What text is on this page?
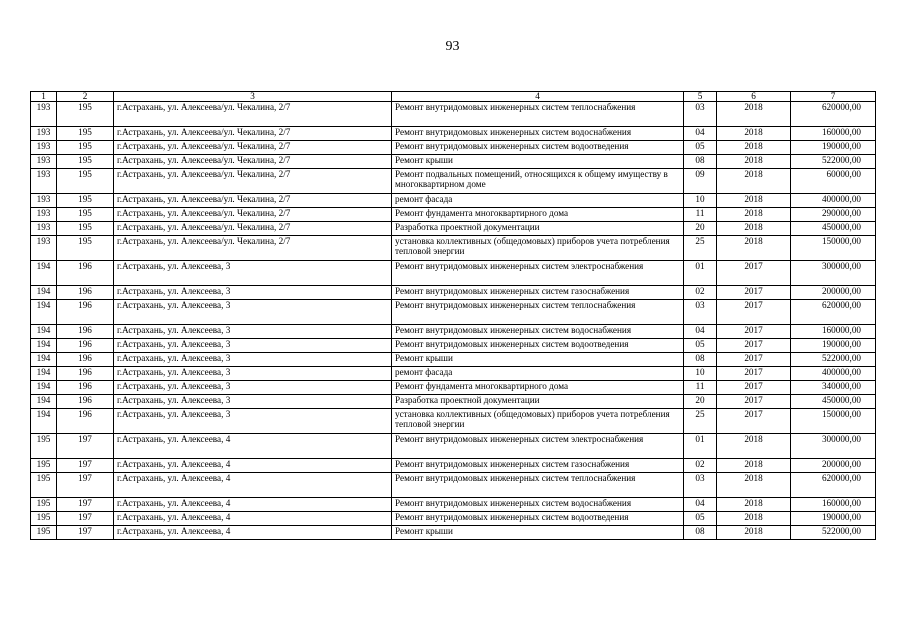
93
1	2	3	4	5	6	7
193	195	г.Астрахань, ул. Алексеева/ул. Чекалина, 2/7	Ремонт внутридомовых инженерных систем теплоснабжения	03	2018	620000,00
193	195	г.Астрахань, ул. Алексеева/ул. Чекалина, 2/7	Ремонт внутридомовых инженерных систем водоснабжения	04	2018	160000,00
193	195	г.Астрахань, ул. Алексеева/ул. Чекалина, 2/7	Ремонт внутридомовых инженерных систем водоотведения	05	2018	190000,00
193	195	г.Астрахань, ул. Алексеева/ул. Чекалина, 2/7	Ремонт крыши	08	2018	522000,00
193	195	г.Астрахань, ул. Алексеева/ул. Чекалина, 2/7	Ремонт подвальных помещений, относящихся к общему имуществу в многоквартирном доме	09	2018	60000,00
193	195	г.Астрахань, ул. Алексеева/ул. Чекалина, 2/7	ремонт фасада	10	2018	400000,00
193	195	г.Астрахань, ул. Алексеева/ул. Чекалина, 2/7	Ремонт фундамента многоквартирного дома	11	2018	290000,00
193	195	г.Астрахань, ул. Алексеева/ул. Чекалина, 2/7	Разработка проектной документации	20	2018	450000,00
193	195	г.Астрахань, ул. Алексеева/ул. Чекалина, 2/7	установка коллективных (общедомовых) приборов учета потребления тепловой энергии	25	2018	150000,00
194	196	г.Астрахань, ул. Алексеева, 3	Ремонт внутридомовых инженерных систем электроснабжения	01	2017	300000,00
194	196	г.Астрахань, ул. Алексеева, 3	Ремонт внутридомовых инженерных систем газоснабжения	02	2017	200000,00
194	196	г.Астрахань, ул. Алексеева, 3	Ремонт внутридомовых инженерных систем теплоснабжения	03	2017	620000,00
194	196	г.Астрахань, ул. Алексеева, 3	Ремонт внутридомовых инженерных систем водоснабжения	04	2017	160000,00
194	196	г.Астрахань, ул. Алексеева, 3	Ремонт внутридомовых инженерных систем водоотведения	05	2017	190000,00
194	196	г.Астрахань, ул. Алексеева, 3	Ремонт крыши	08	2017	522000,00
194	196	г.Астрахань, ул. Алексеева, 3	ремонт фасада	10	2017	400000,00
194	196	г.Астрахань, ул. Алексеева, 3	Ремонт фундамента многоквартирного дома	11	2017	340000,00
194	196	г.Астрахань, ул. Алексеева, 3	Разработка проектной документации	20	2017	450000,00
194	196	г.Астрахань, ул. Алексеева, 3	установка коллективных (общедомовых) приборов учета потребления тепловой энергии	25	2017	150000,00
195	197	г.Астрахань, ул. Алексеева, 4	Ремонт внутридомовых инженерных систем электроснабжения	01	2018	300000,00
195	197	г.Астрахань, ул. Алексеева, 4	Ремонт внутридомовых инженерных систем газоснабжения	02	2018	200000,00
195	197	г.Астрахань, ул. Алексеева, 4	Ремонт внутридомовых инженерных систем теплоснабжения	03	2018	620000,00
195	197	г.Астрахань, ул. Алексеева, 4	Ремонт внутридомовых инженерных систем водоснабжения	04	2018	160000,00
195	197	г.Астрахань, ул. Алексеева, 4	Ремонт внутридомовых инженерных систем водоотведения	05	2018	190000,00
195	197	г.Астрахань, ул. Алексеева, 4	Ремонт крыши	08	2018	522000,00
